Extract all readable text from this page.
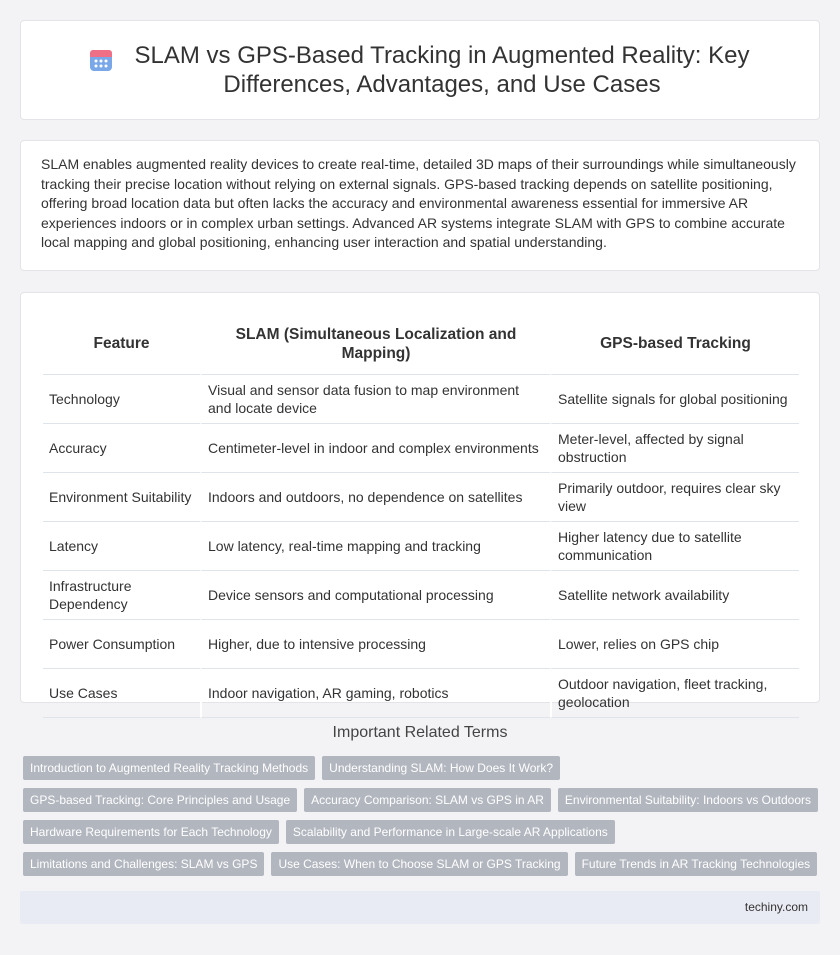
SLAM vs GPS-Based Tracking in Augmented Reality: Key Differences, Advantages, and Use Cases

SLAM enables augmented reality devices to create real-time, detailed 3D maps of their surroundings while simultaneously tracking their precise location without relying on external signals. GPS-based tracking depends on satellite positioning, offering broad location data but often lacks the accuracy and environmental awareness essential for immersive AR experiences indoors or in complex urban settings. Advanced AR systems integrate SLAM with GPS to combine accurate local mapping and global positioning, enhancing user interaction and spatial understanding.

Feature	SLAM (Simultaneous Localization and Mapping)	GPS-based Tracking
Technology	Visual and sensor data fusion to map environment and locate device	Satellite signals for global positioning
Accuracy	Centimeter-level in indoor and complex environments	Meter-level, affected by signal obstruction
Environment Suitability	Indoors and outdoors, no dependence on satellites	Primarily outdoor, requires clear sky view
Latency	Low latency, real-time mapping and tracking	Higher latency due to satellite communication
Infrastructure Dependency	Device sensors and computational processing	Satellite network availability
Power Consumption	Higher, due to intensive processing	Lower, relies on GPS chip
Use Cases	Indoor navigation, AR gaming, robotics	Outdoor navigation, fleet tracking, geolocation
Important Related Terms
Introduction to Augmented Reality Tracking Methods	Understanding SLAM: How Does It Work?
GPS-based Tracking: Core Principles and Usage	Accuracy Comparison: SLAM vs GPS in AR	Environmental Suitability: Indoors vs Outdoors
Hardware Requirements for Each Technology	Scalability and Performance in Large-scale AR Applications
Limitations and Challenges: SLAM vs GPS	Use Cases: When to Choose SLAM or GPS Tracking	Future Trends in AR Tracking Technologies
techiny.com
